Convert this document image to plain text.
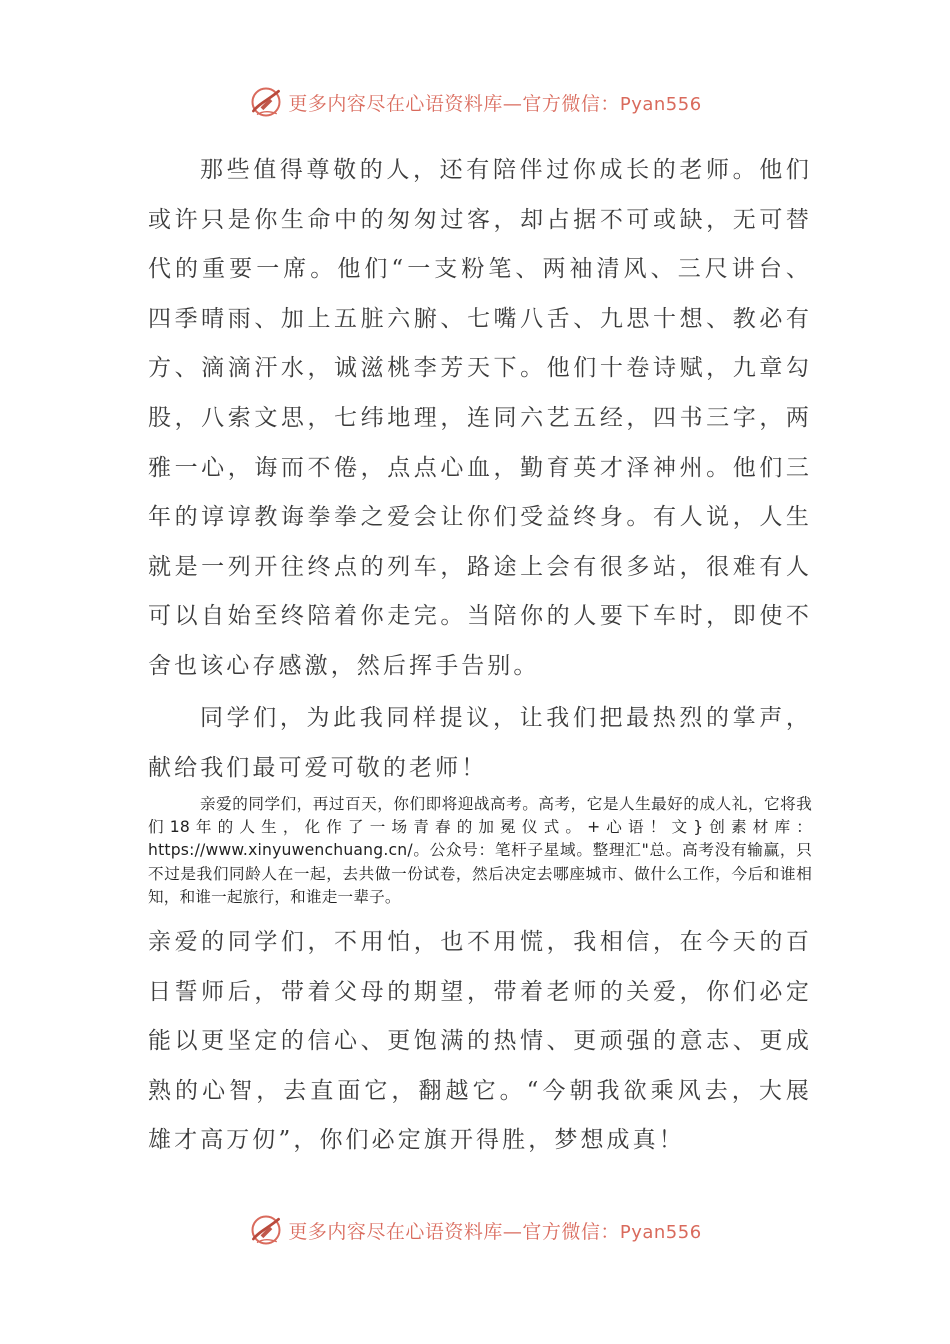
更多内容尽在心语资料库—官方微信：Pyan556

那些值得尊敬的人，还有陪伴过你成长的老师。他们或许只是你生命中的匆匆过客，却占据不可或缺，无可替代的重要一席。他们“一支粉笔、两袖清风、三尺讲台、四季晴雨、加上五脏六腑、七嘴八舌、九思十想、教必有方、滴滴汗水，诚滋桃李芳天下。他们十卷诗赋，九章勾股，八索文思，七纬地理，连同六艺五经，四书三字，两雅一心，诲而不倦，点点心血，勤育英才泽神州。他们三年的谆谆教诲拳拳之爱会让你们受益终身。有人说，人生就是一列开往终点的列车，路途上会有很多站，很难有人可以自始至终陪着你走完。当陪你的人要下车时，即使不舍也该心存感激，然后挥手告别。

同学们，为此我同样提议，让我们把最热烈的掌声，献给我们最可爱可敬的老师！

亲爱的同学们，再过百天，你们即将迎战高考。高考，它是人生最好的成人礼，它将我们18年的人生，化作了一场青春的加冕仪式。+心语！文}创素材库：https://www.xinyuwenchuang.cn/。公众号：笔杆子星域。整理汇"总。高考没有输赢，只不过是我们同龄人在一起，去共做一份试卷，然后决定去哪座城市、做什么工作，今后和谁相知，和谁一起旅行，和谁走一辈子。

亲爱的同学们，不用怕，也不用慌，我相信，在今天的百日誓师后，带着父母的期望，带着老师的关爱，你们必定能以更坚定的信心、更饱满的热情、更顽强的意志、更成熟的心智，去直面它，翻越它。“今朝我欲乘风去，大展雄才高万仞”，你们必定旗开得胜，梦想成真！

更多内容尽在心语资料库—官方微信：Pyan556
